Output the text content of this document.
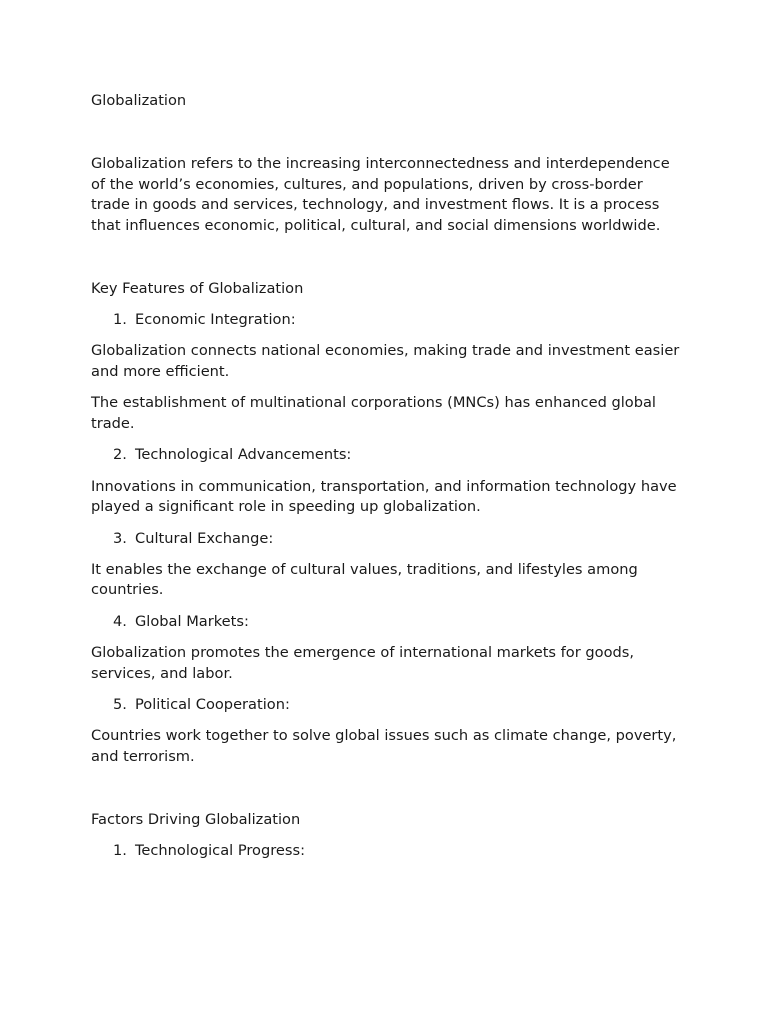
Globalization

Globalization refers to the increasing interconnectedness and interdependence of the world’s economies, cultures, and populations, driven by cross-border trade in goods and services, technology, and investment flows. It is a process that influences economic, political, cultural, and social dimensions worldwide.

Key Features of Globalization
1. Economic Integration:

Globalization connects national economies, making trade and investment easier and more efficient.

The establishment of multinational corporations (MNCs) has enhanced global trade.

2. Technological Advancements:

Innovations in communication, transportation, and information technology have played a significant role in speeding up globalization.

3. Cultural Exchange:

It enables the exchange of cultural values, traditions, and lifestyles among countries.

4. Global Markets:

Globalization promotes the emergence of international markets for goods, services, and labor.

5. Political Cooperation:

Countries work together to solve global issues such as climate change, poverty, and terrorism.

Factors Driving Globalization
1. Technological Progress:
